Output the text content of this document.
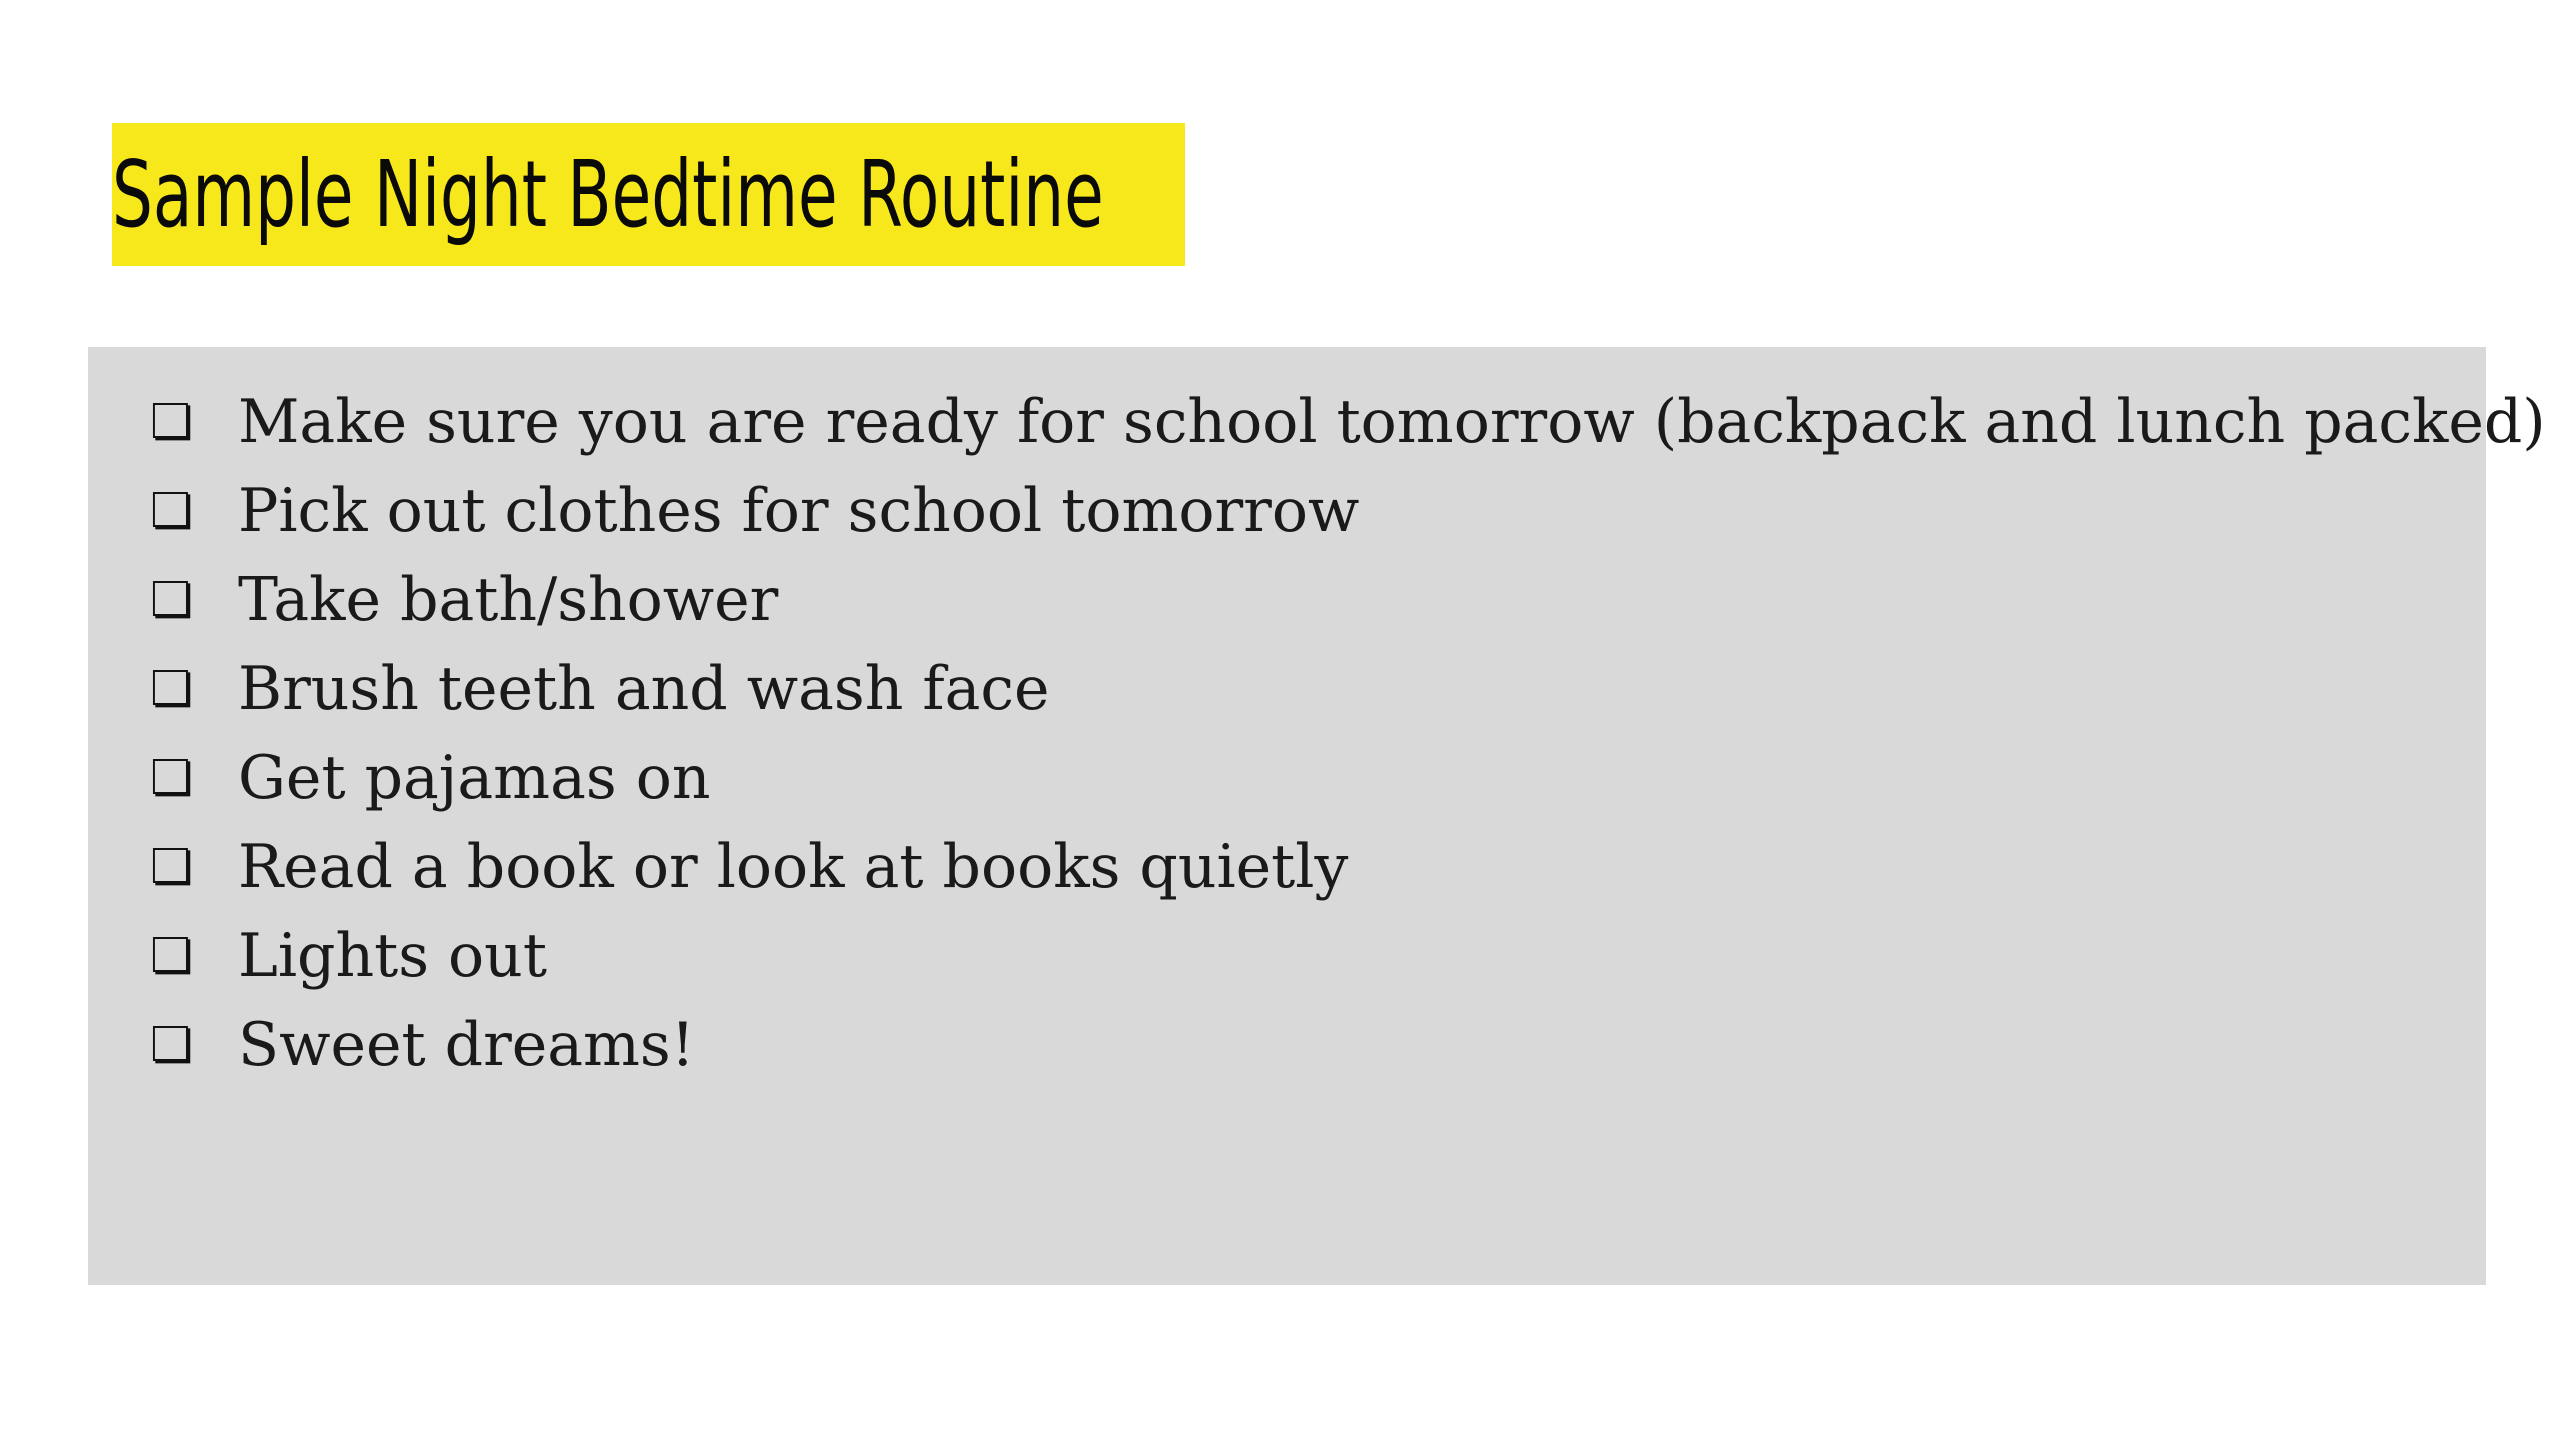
Sample Night Bedtime Routine
❏ Make sure you are ready for school tomorrow (backpack and lunch packed)
❏ Pick out clothes for school tomorrow
❏ Take bath/shower
❏ Brush teeth and wash face
❏ Get pajamas on
❏ Read a book or look at books quietly
❏ Lights out
❏ Sweet dreams!
